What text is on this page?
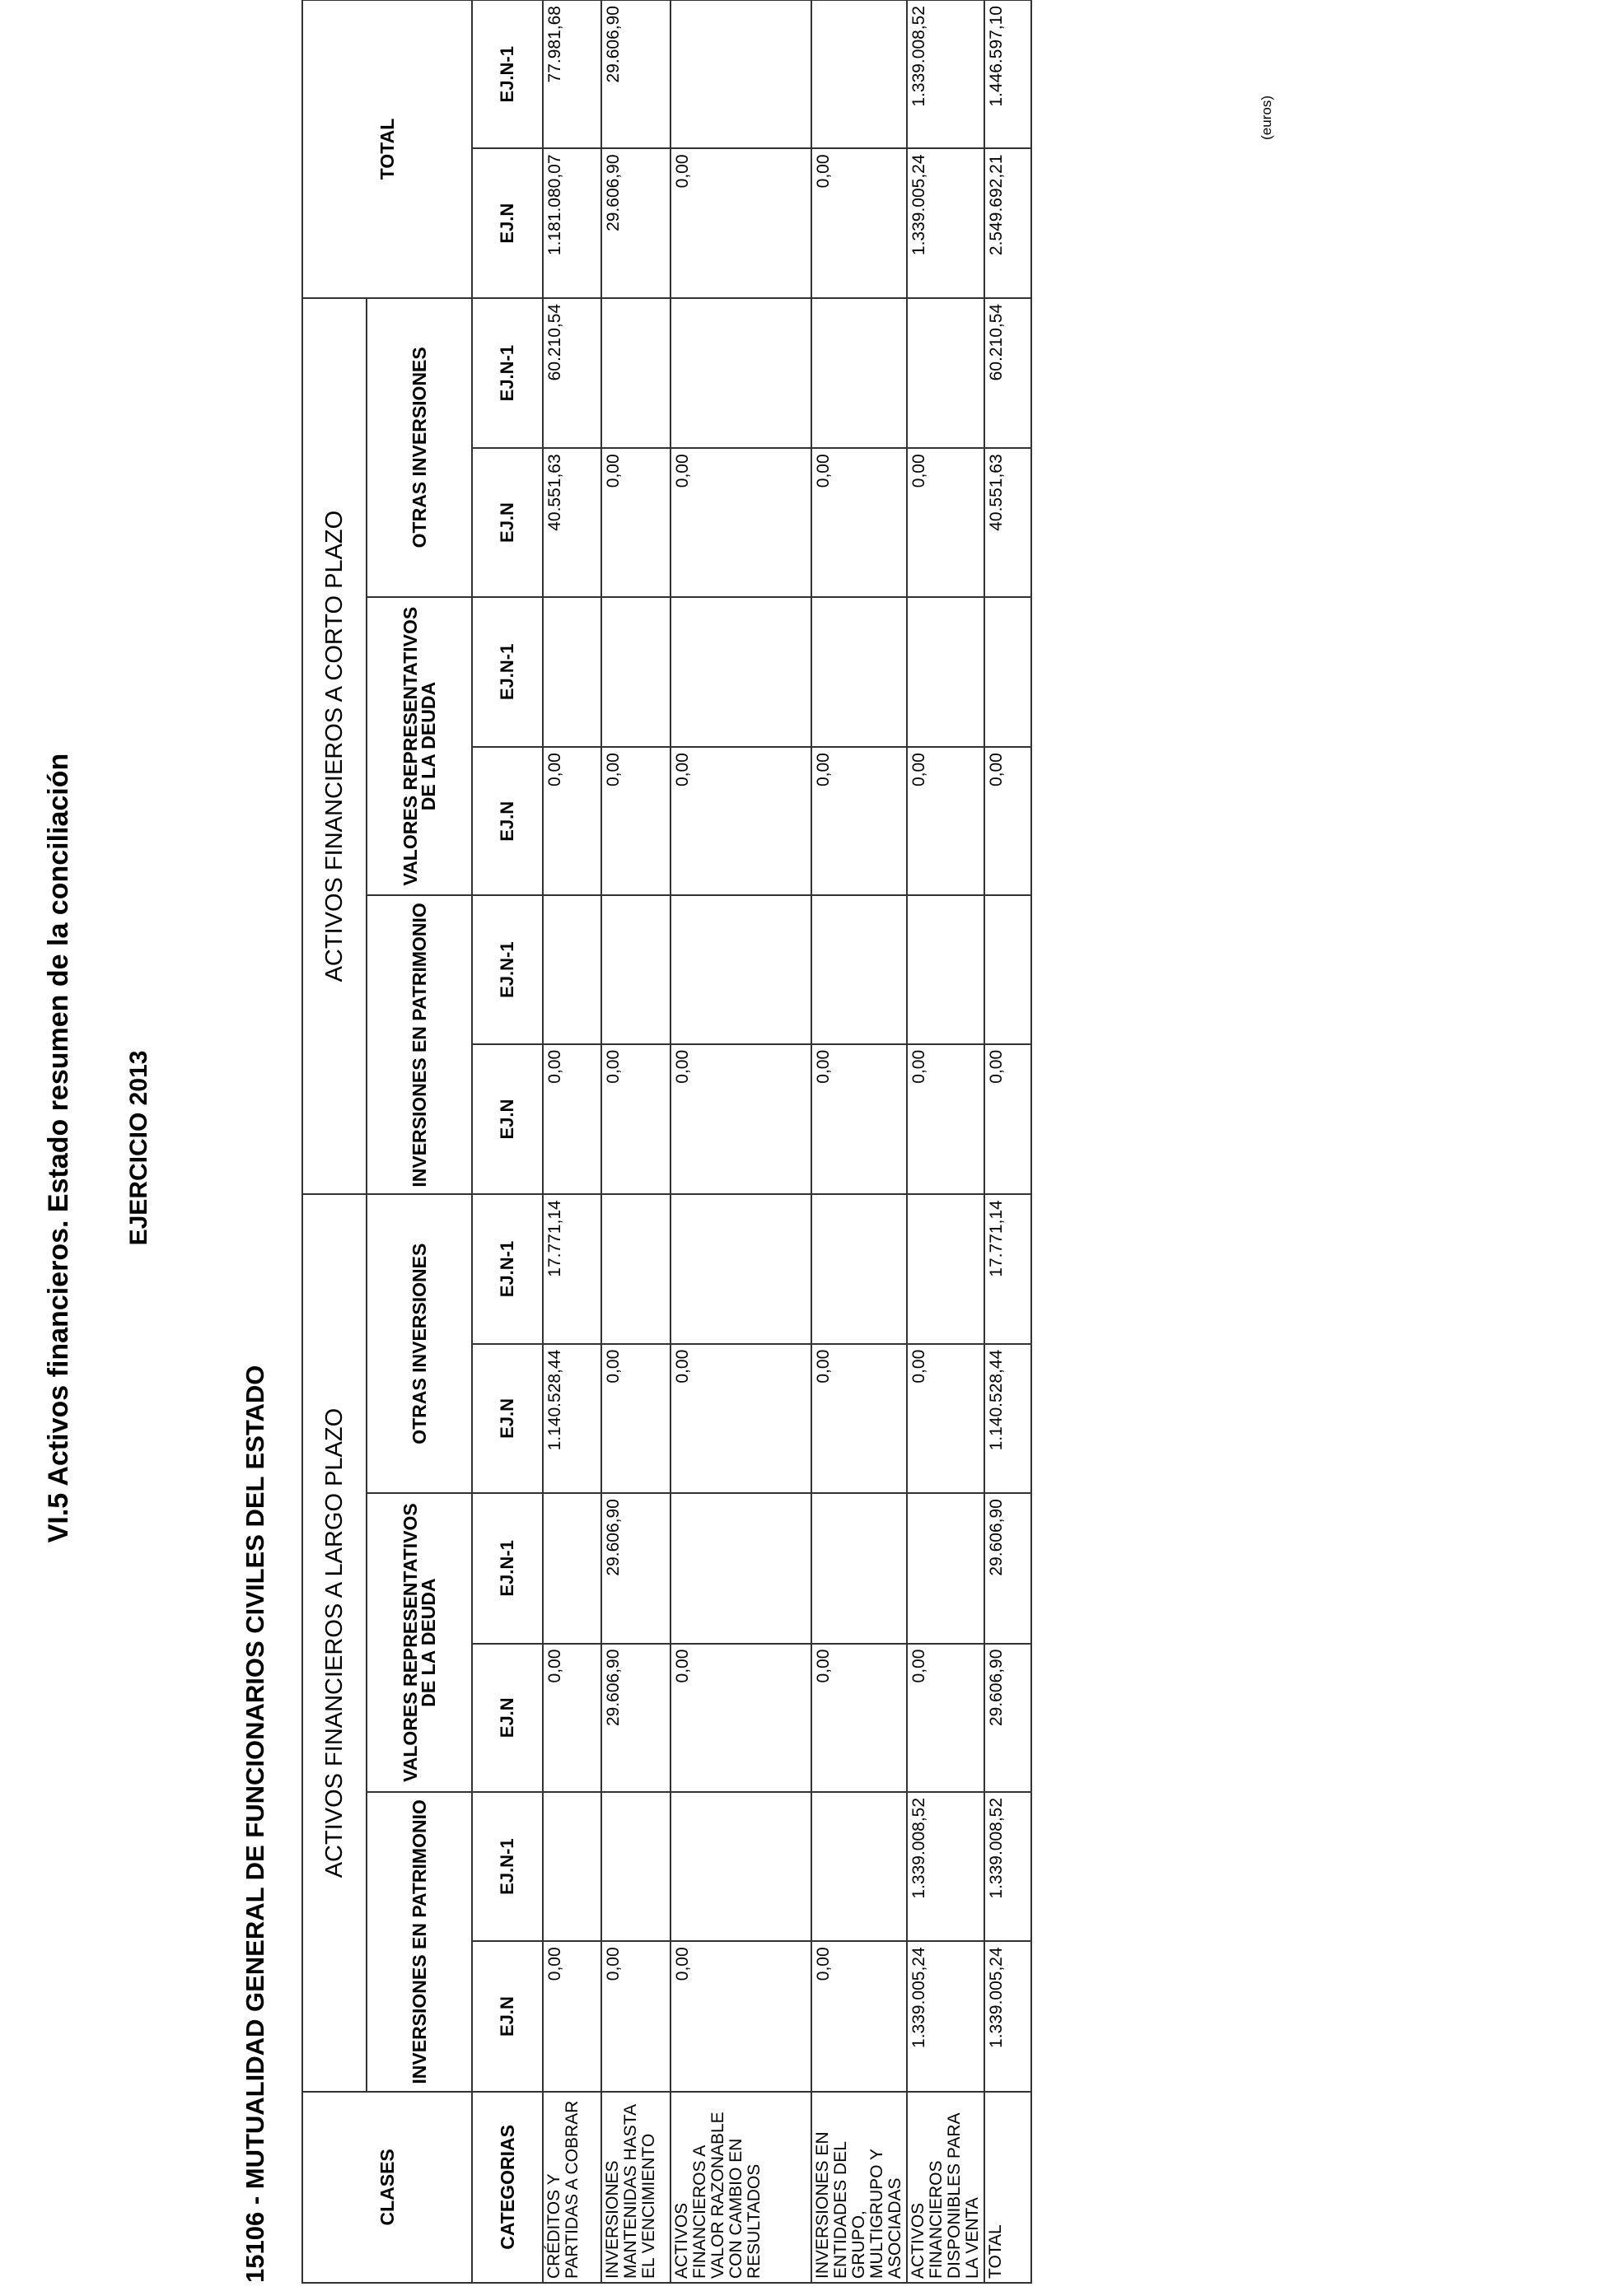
VI.5 Activos financieros. Estado resumen de la conciliación EJERCICIO 2013
15106 - MUTUALIDAD GENERAL DE FUNCIONARIOS CIVILES DEL ESTADO

(euros)

CLASES	ACTIVOS FINANCIEROS A LARGO PLAZO						ACTIVOS FINANCIEROS A CORTO PLAZO						TOTAL	
	INVERSIONES EN PATRIMONIO		VALORES REPRESENTATIVOS DE LA DEUDA		OTRAS INVERSIONES		INVERSIONES EN PATRIMONIO		VALORES REPRESENTATIVOS DE LA DEUDA		OTRAS INVERSIONES			
CATEGORIAS	EJ.N	EJ.N-1	EJ.N	EJ.N-1	EJ.N	EJ.N-1	EJ.N	EJ.N-1	EJ.N	EJ.N-1	EJ.N	EJ.N-1	EJ.N	EJ.N-1
CRÉDITOS Y PARTIDAS A COBRAR	0,00		0,00		1.140.528,44	17.771,14	0,00		0,00		40.551,63	60.210,54	1.181.080,07	77.981,68
INVERSIONES MANTENIDAS HASTA EL VENCIMIENTO	0,00		29.606,90	29.606,90	0,00		0,00		0,00		0,00		29.606,90	29.606,90
ACTIVOS FINANCIEROS A VALOR RAZONABLE CON CAMBIO EN RESULTADOS	0,00		0,00		0,00		0,00		0,00		0,00		0,00	
INVERSIONES EN ENTIDADES DEL GRUPO, MULTIGRUPO Y ASOCIADAS	0,00		0,00		0,00		0,00		0,00		0,00		0,00	
ACTIVOS FINANCIEROS DISPONIBLES PARA LA VENTA	1.339.005,24	1.339.008,52	0,00		0,00		0,00		0,00		0,00		1.339.005,24	1.339.008,52
TOTAL	1.339.005,24	1.339.008,52	29.606,90	29.606,90	1.140.528,44	17.771,14	0,00		0,00		40.551,63	60.210,54	2.549.692,21	1.446.597,10
